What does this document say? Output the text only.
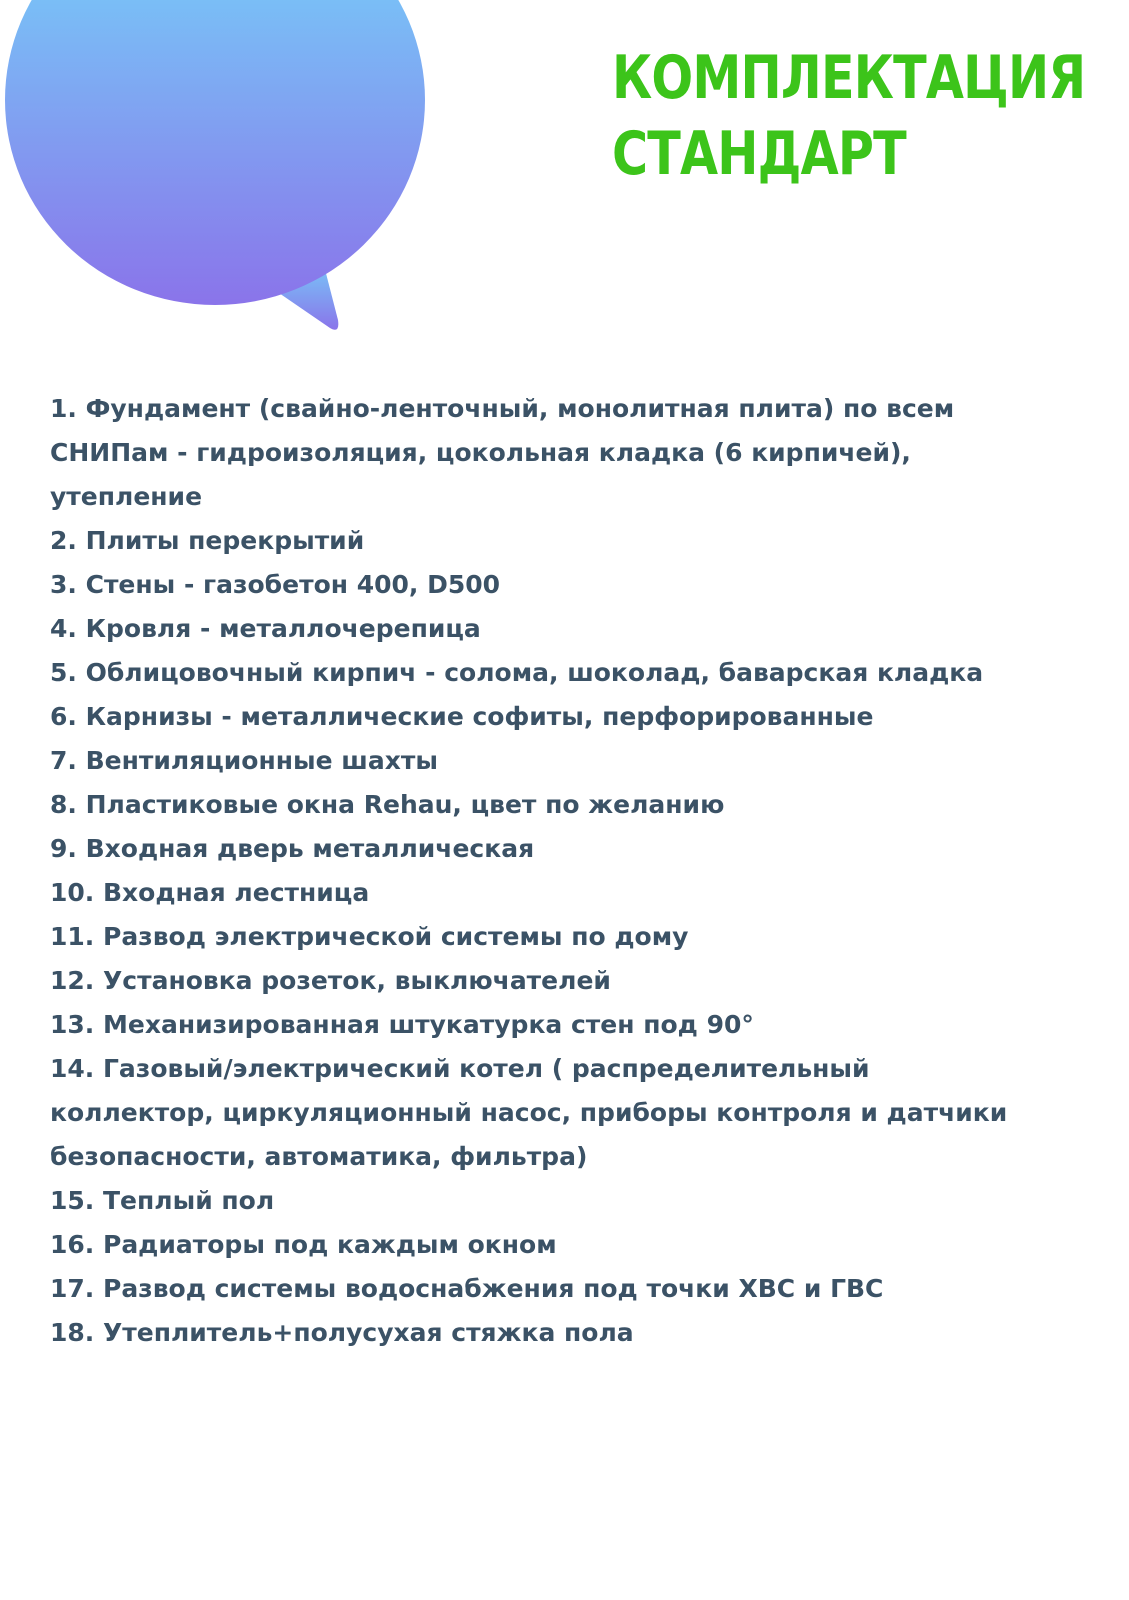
КОМПЛЕКТАЦИЯ
СТАНДАРТ
1. Фундамент (свайно-ленточный, монолитная плита) по всем
СНИПам - гидроизоляция, цокольная кладка (6 кирпичей),
утепление
2. Плиты перекрытий
3. Стены - газобетон 400, D500
4. Кровля - металлочерепица
5. Облицовочный кирпич - солома, шоколад, баварская кладка
6. Карнизы - металлические софиты, перфорированные
7. Вентиляционные шахты
8. Пластиковые окна Rehau, цвет по желанию
9. Входная дверь металлическая
10. Входная лестница
11. Развод электрической системы по дому
12. Установка розеток, выключателей
13. Механизированная штукатурка стен под 90°
14. Газовый/электрический котел ( распределительный
коллектор, циркуляционный насос, приборы контроля и датчики
безопасности, автоматика, фильтра)
15. Теплый пол
16. Радиаторы под каждым окном
17. Развод системы водоснабжения под точки ХВС и ГВС
18. Утеплитель+полусухая стяжка пола
